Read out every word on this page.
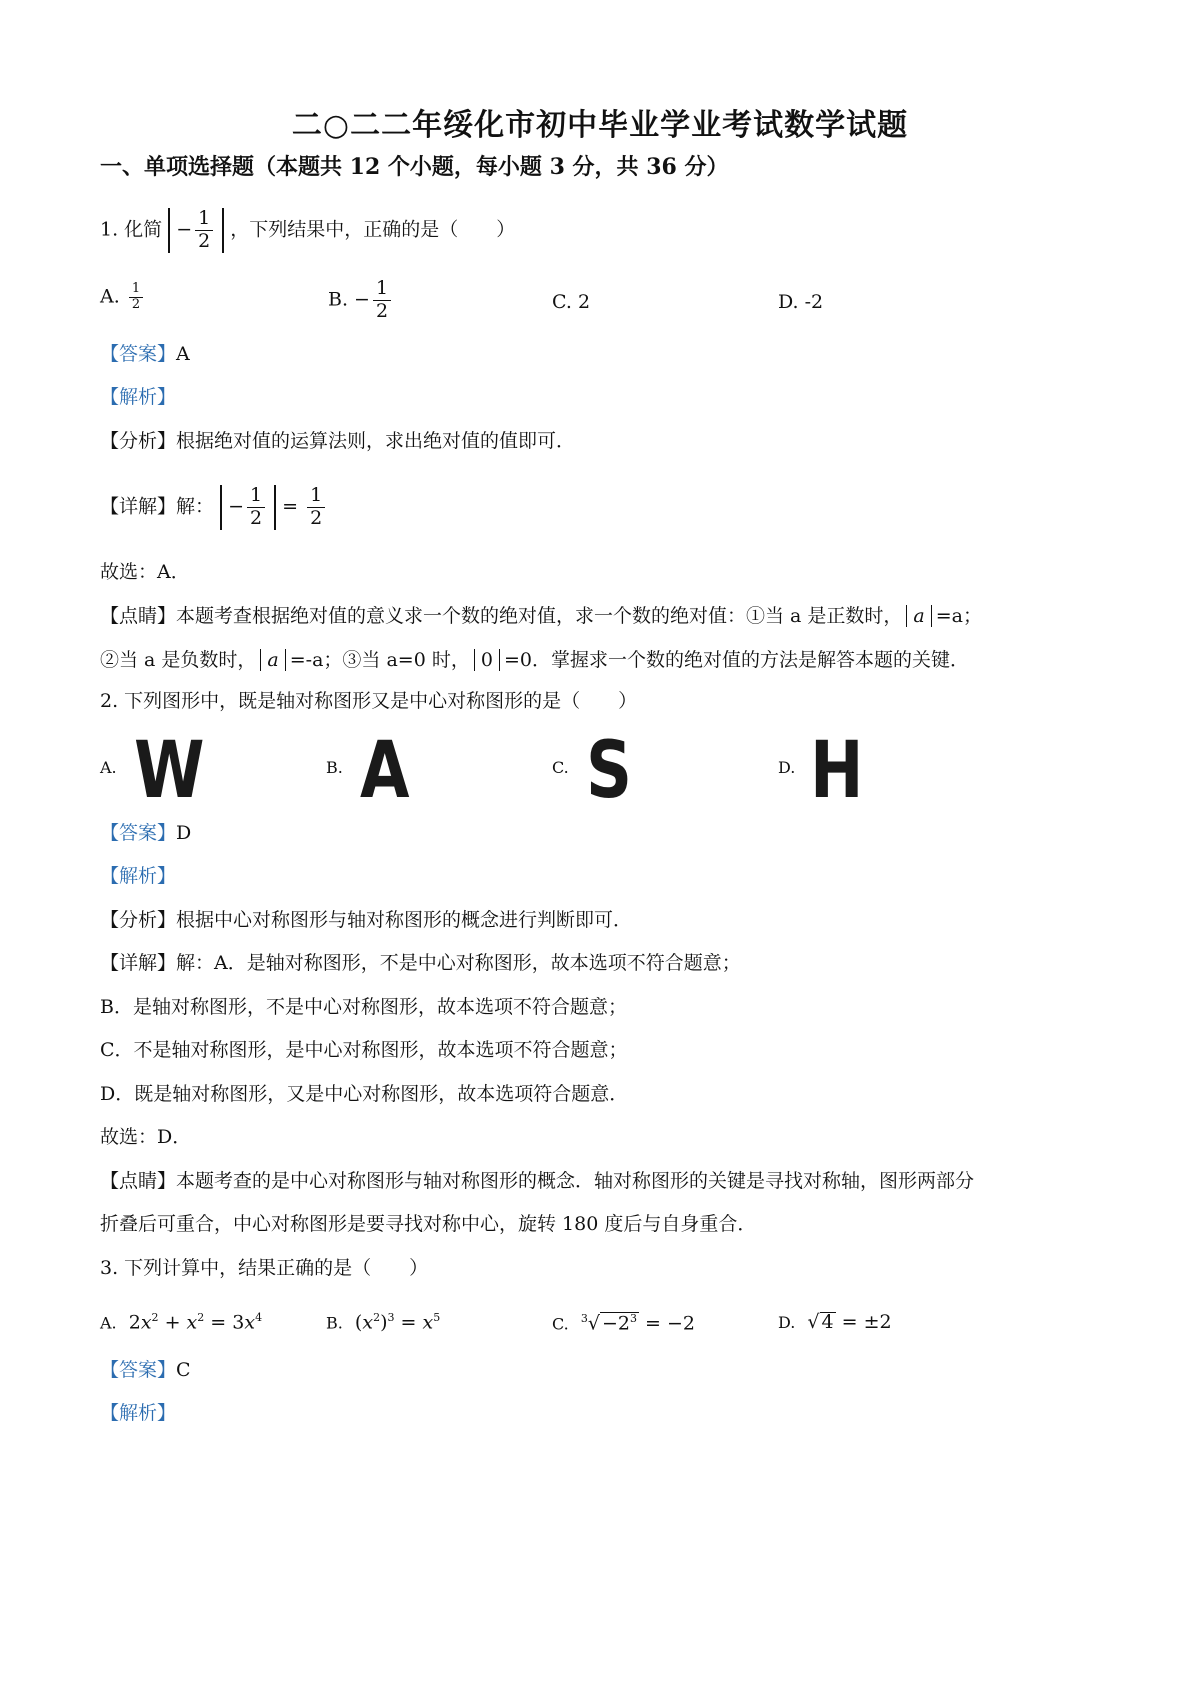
二○二二年绥化市初中毕业学业考试数学试题
一、单项选择题（本题共 12 个小题，每小题 3 分，共 36 分）
1. 化简 − $\frac{1}{2}$ ，下列结果中，正确的是（　　）
A. $\frac{1}{2}$	B. − $\frac{1}{2}$	C. 2	D. -2
【答案】A
【解析】
【分析】根据绝对值的运算法则，求出绝对值的值即可．
【详解】解： − $\frac{1}{2} = \frac{1}{2}$
故选：A．
【点睛】本题考查根据绝对值的意义求一个数的绝对值，求一个数的绝对值：①当 a 是正数时， a =a；
②当 a 是负数时， a =-a；③当 a=0 时， 0 =0．掌握求一个数的绝对值的方法是解答本题的关键．
2. 下列图形中，既是轴对称图形又是中心对称图形的是（　　）
A. W	B. A	C. S	D. H
【答案】D
【解析】
【分析】根据中心对称图形与轴对称图形的概念进行判断即可．
【详解】解：A．是轴对称图形，不是中心对称图形，故本选项不符合题意；
B．是轴对称图形，不是中心对称图形，故本选项不符合题意；
C．不是轴对称图形，是中心对称图形，故本选项不符合题意；
D．既是轴对称图形，又是中心对称图形，故本选项符合题意．
故选：D．
【点睛】本题考查的是中心对称图形与轴对称图形的概念．轴对称图形的关键是寻找对称轴，图形两部分
折叠后可重合，中心对称图形是要寻找对称中心，旋转 180 度后与自身重合．
3. 下列计算中，结果正确的是（　　）
A.  $2x^2 + x^2 = 3x^4$	B.  $(x^2)^3 = x^5$	C. $^3√ -2^3 = -2$	D.  √ 4 = ±2
【答案】C
【解析】
